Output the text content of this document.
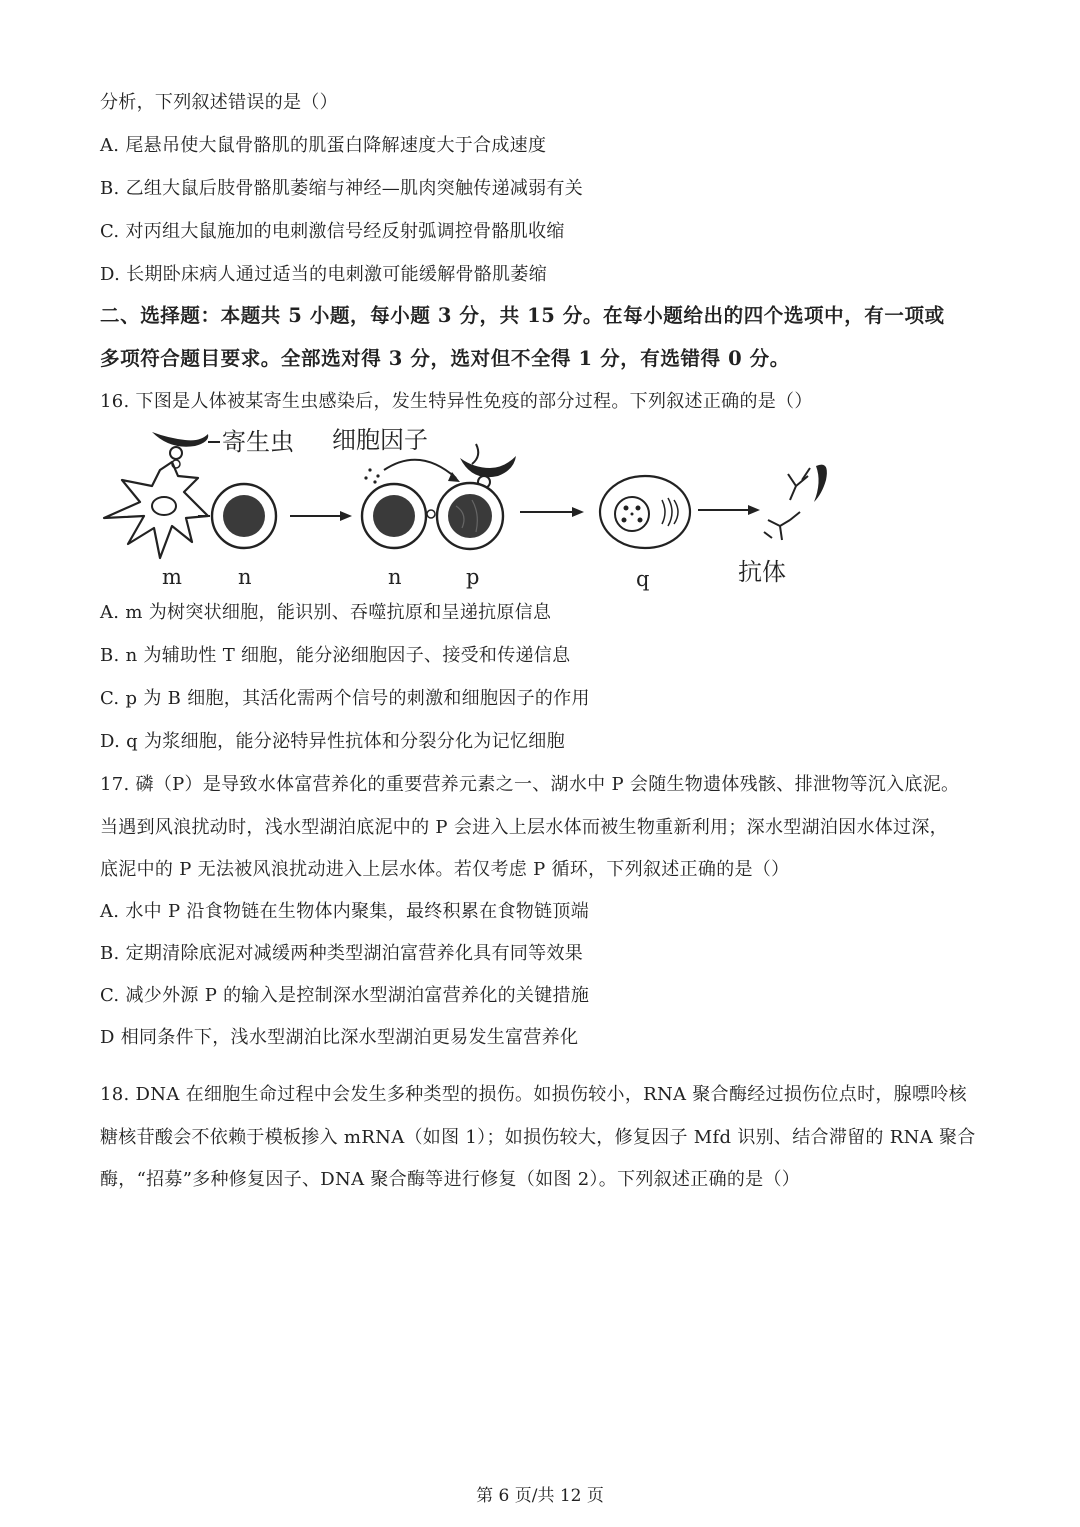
分析，下列叙述错误的是（）
A. 尾悬吊使大鼠骨骼肌的肌蛋白降解速度大于合成速度
B. 乙组大鼠后肢骨骼肌萎缩与神经—肌肉突触传递减弱有关
C. 对丙组大鼠施加的电刺激信号经反射弧调控骨骼肌收缩
D. 长期卧床病人通过适当的电刺激可能缓解骨骼肌萎缩
二、选择题：本题共 5 小题，每小题 3 分，共 15 分。在每小题给出的四个选项中，有一项或
多项符合题目要求。全部选对得 3 分，选对但不全得 1 分，有选错得 0 分。
16. 下图是人体被某寄生虫感染后，发生特异性免疫的部分过程。下列叙述正确的是（）
寄生虫 细胞因子
抗体
m	n	n	p	q
A. m 为树突状细胞，能识别、吞噬抗原和呈递抗原信息
B. n 为辅助性 T 细胞，能分泌细胞因子、接受和传递信息
C. p 为 B 细胞，其活化需两个信号的刺激和细胞因子的作用
D. q 为浆细胞，能分泌特异性抗体和分裂分化为记忆细胞
17. 磷（P）是导致水体富营养化的重要营养元素之一、湖水中 P 会随生物遗体残骸、排泄物等沉入底泥。
当遇到风浪扰动时，浅水型湖泊底泥中的 P 会进入上层水体而被生物重新利用；深水型湖泊因水体过深，
底泥中的 P 无法被风浪扰动进入上层水体。若仅考虑 P 循环，下列叙述正确的是（）
A. 水中 P 沿食物链在生物体内聚集，最终积累在食物链顶端
B. 定期清除底泥对减缓两种类型湖泊富营养化具有同等效果
C. 减少外源 P 的输入是控制深水型湖泊富营养化的关键措施
D 相同条件下，浅水型湖泊比深水型湖泊更易发生富营养化
18. DNA 在细胞生命过程中会发生多种类型的损伤。如损伤较小，RNA 聚合酶经过损伤位点时，腺嘌呤核
糖核苷酸会不依赖于模板掺入 mRNA（如图 1）；如损伤较大，修复因子 Mfd 识别、结合滞留的 RNA 聚合
酶，“招募”多种修复因子、DNA 聚合酶等进行修复（如图 2）。下列叙述正确的是（）
第 6 页/共 12 页
